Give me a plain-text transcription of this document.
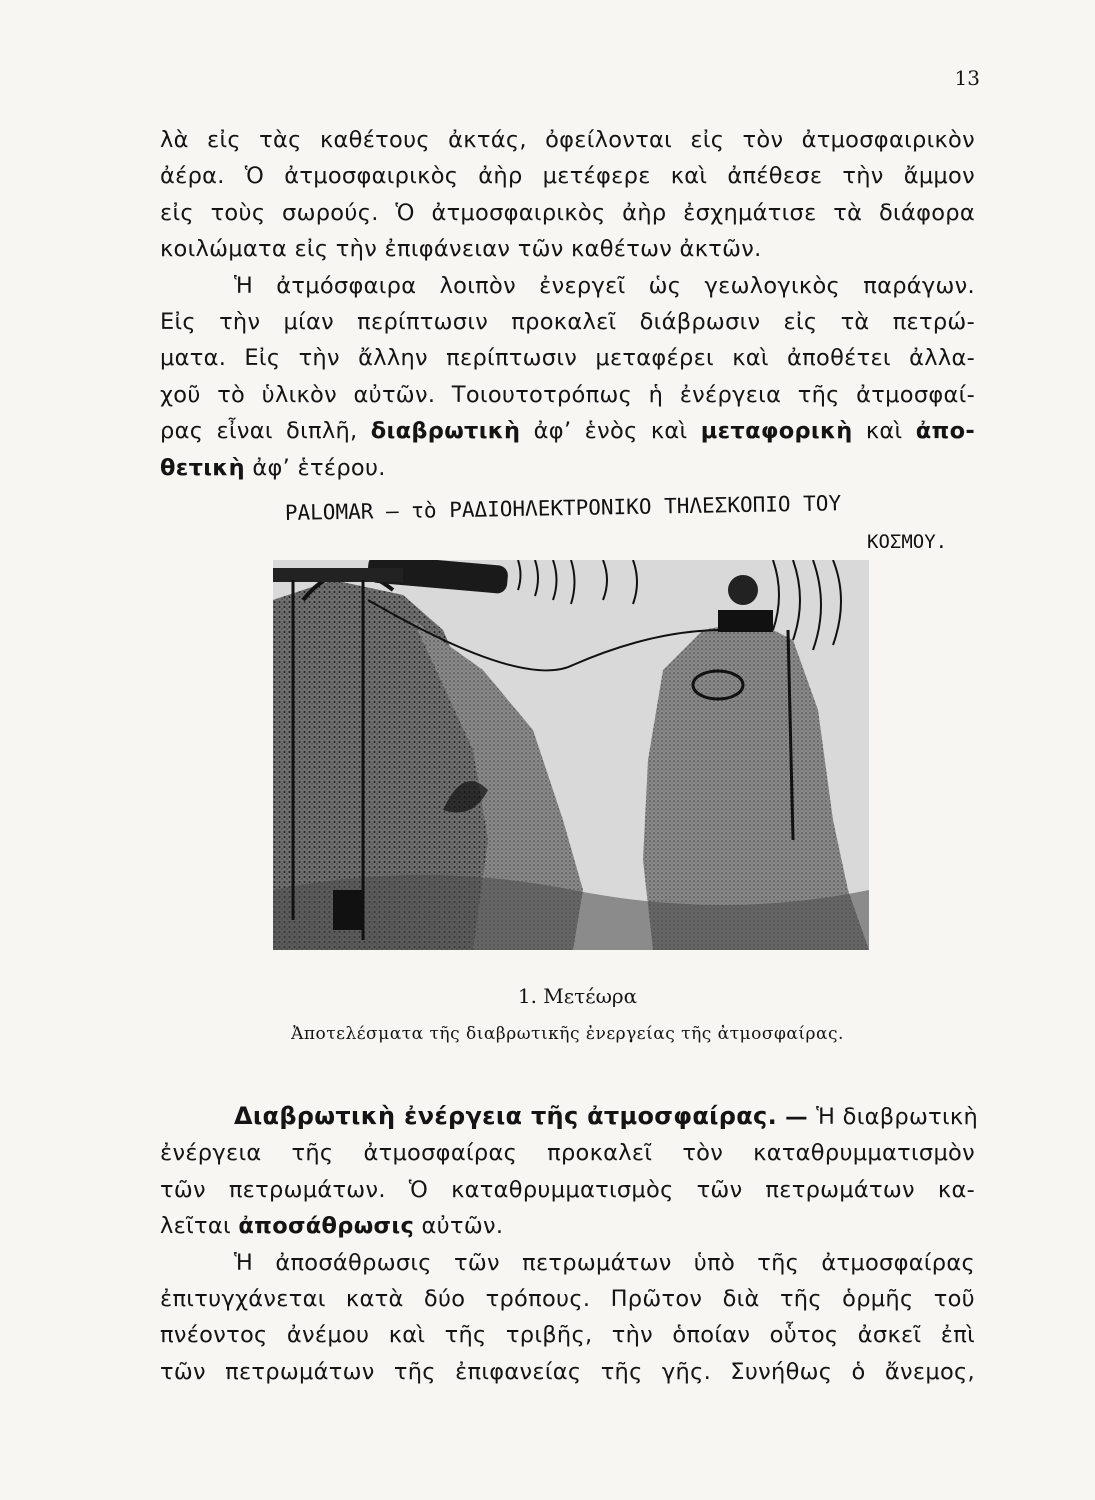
13
λὰ εἰς τὰς καθέτους ἀκτάς, ὀφείλονται εἰς τὸν ἀτμοσφαιρικὸν
ἀέρα. Ὁ ἀτμοσφαιρικὸς ἀὴρ μετέφερε καὶ ἀπέθεσε τὴν ἄμμον
εἰς τοὺς σωρούς. Ὁ ἀτμοσφαιρικὸς ἀὴρ ἐσχημάτισε τὰ διάφορα
κοιλώματα εἰς τὴν ἐπιφάνειαν τῶν καθέτων ἀκτῶν.
Ἡ ἀτμόσφαιρα λοιπὸν ἐνεργεῖ ὡς γεωλογικὸς παράγων.
Εἰς τὴν μίαν περίπτωσιν προκαλεῖ διάβρωσιν εἰς τὰ πετρώ-
ματα. Εἰς τὴν ἄλλην περίπτωσιν μεταφέρει καὶ ἀποθέτει ἀλλα-
χοῦ τὸ ὑλικὸν αὐτῶν. Τοιουτοτρόπως ἡ ἐνέργεια τῆς ἀτμοσφαί-
ρας εἶναι διπλῆ, διαβρωτικὴ ἀφ’ ἑνὸς καὶ μεταφορικὴ καὶ ἀπο-
θετικὴ ἀφ’ ἑτέρου.
PALOMAR — τὸ ΡΑΔΙΟΗΛΕΚΤΡΟΝΙΚΟ ΤΗΛΕΣΚΟΠΙΟ ΤΟΥ
ΚΟΣΜΟΥ.
1. Μετέωρα
Ἀποτελέσματα τῆς διαβρωτικῆς ἐνεργείας τῆς ἀτμοσφαίρας.
Διαβρωτικὴ ἐνέργεια τῆς ἀτμοσφαίρας. — Ἡ διαβρωτικὴ
ἐνέργεια τῆς ἀτμοσφαίρας προκαλεῖ τὸν καταθρυμματισμὸν
τῶν πετρωμάτων. Ὁ καταθρυμματισμὸς τῶν πετρωμάτων κα-
λεῖται ἀποσάθρωσις αὐτῶν.
Ἡ ἀποσάθρωσις τῶν πετρωμάτων ὑπὸ τῆς ἀτμοσφαίρας
ἐπιτυγχάνεται κατὰ δύο τρόπους. Πρῶτον διὰ τῆς ὁρμῆς τοῦ
πνέοντος ἀνέμου καὶ τῆς τριβῆς, τὴν ὁποίαν οὗτος ἀσκεῖ ἐπὶ
τῶν πετρωμάτων τῆς ἐπιφανείας τῆς γῆς. Συνήθως ὁ ἄνεμος,
